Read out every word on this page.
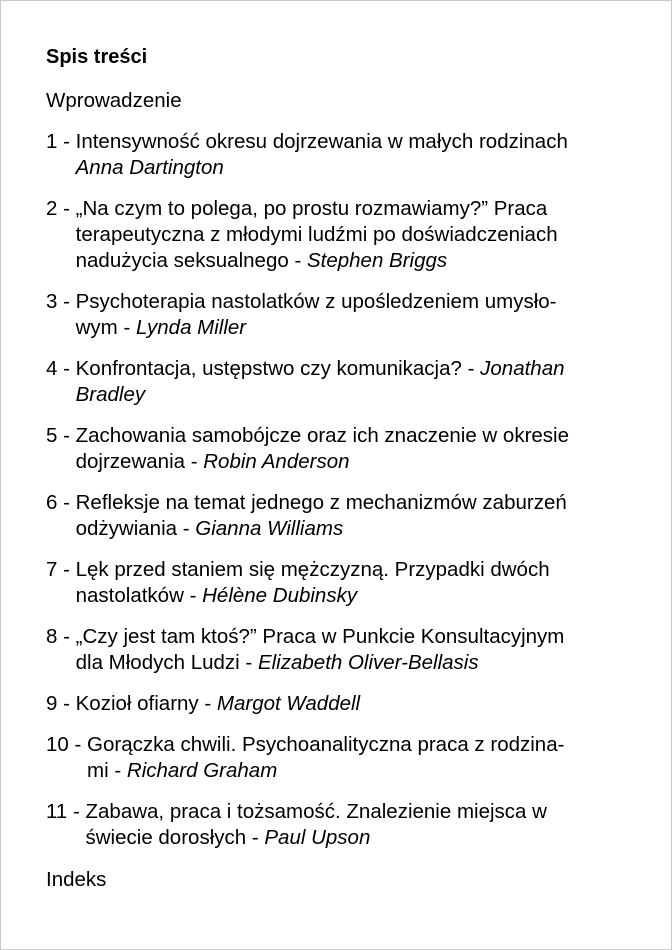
Spis treści
Wprowadzenie
1 - Intensywność okresu dojrzewania w małych rodzinach
Anna Dartington
2 - „Na czym to polega, po prostu rozmawiamy?” Praca
terapeutyczna z młodymi ludźmi po doświadczeniach
nadużycia seksualnego - Stephen Briggs
3 - Psychoterapia nastolatków z upośledzeniem umysło-
wym - Lynda Miller
4 - Konfrontacja, ustępstwo czy komunikacja? - Jonathan Bradley
5 - Zachowania samobójcze oraz ich znaczenie w okresie
dojrzewania - Robin Anderson
6 - Refleksje na temat jednego z mechanizmów zaburzeń
odżywiania - Gianna Williams
7 - Lęk przed staniem się mężczyzną. Przypadki dwóch
nastolatków - Hélène Dubinsky
8 - „Czy jest tam ktoś?” Praca w Punkcie Konsultacyjnym
dla Młodych Ludzi - Elizabeth Oliver-Bellasis
9 - Kozioł ofiarny - Margot Waddell
10 - Gorączka chwili. Psychoanalityczna praca z rodzina-
mi - Richard Graham
11 - Zabawa, praca i tożsamość. Znalezienie miejsca w
świecie dorosłych - Paul Upson
Indeks
